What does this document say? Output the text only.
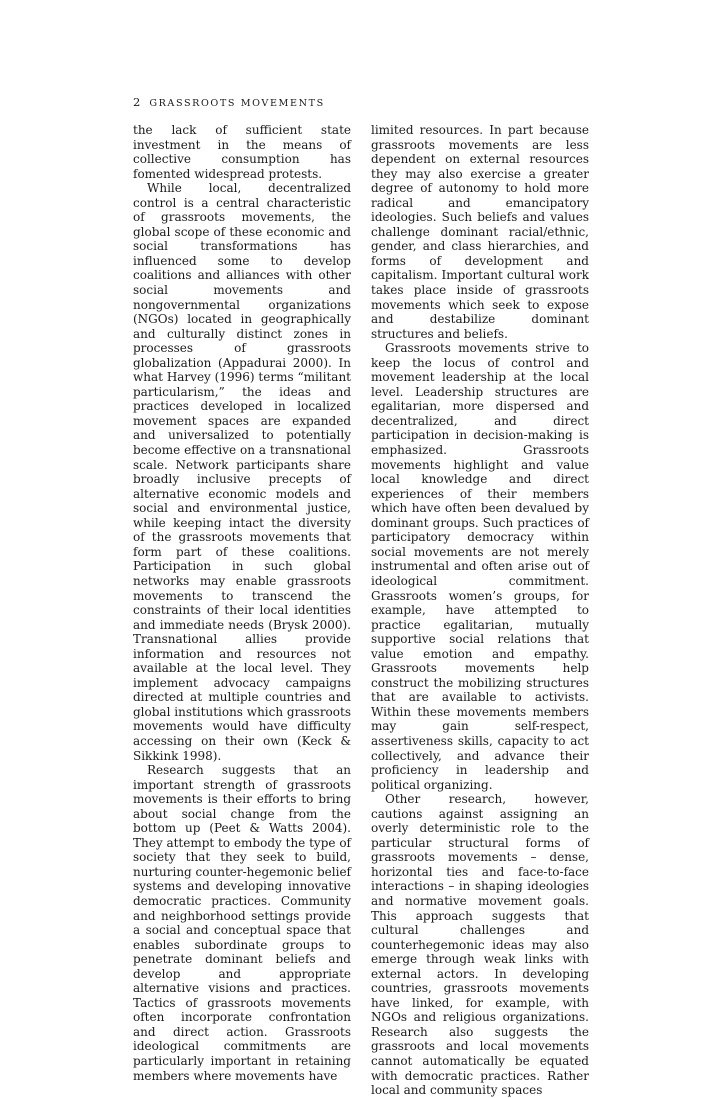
2 GRASSROOTS MOVEMENTS

the lack of sufficient state investment in the means of collective consumption has fomented widespread protests.

While local, decentralized control is a central characteristic of grassroots movements, the global scope of these economic and social transformations has influenced some to develop coalitions and alliances with other social movements and nongovernmental organizations (NGOs) located in geographically and culturally distinct zones in processes of grassroots globalization (Appadurai 2000). In what Harvey (1996) terms “militant particularism,” the ideas and practices developed in localized movement spaces are expanded and universalized to potentially become effective on a transnational scale. Network participants share broadly inclusive precepts of alternative economic models and social and environmental justice, while keeping intact the diversity of the grassroots movements that form part of these coalitions. Participation in such global networks may enable grassroots movements to transcend the constraints of their local identities and immediate needs (Brysk 2000). Transnational allies provide information and resources not available at the local level. They implement advocacy campaigns directed at multiple countries and global institutions which grassroots movements would have difficulty accessing on their own (Keck & Sikkink 1998).

Research suggests that an important strength of grassroots movements is their efforts to bring about social change from the bottom up (Peet & Watts 2004). They attempt to embody the type of society that they seek to build, nurturing counter-hegemonic belief systems and developing innovative democratic practices. Community and neighborhood settings provide a social and conceptual space that enables subordinate groups to penetrate dominant beliefs and develop and appropriate alternative visions and practices. Tactics of grassroots movements often incorporate confrontation and direct action. Grassroots ideological commitments are particularly important in retaining members where movements have

limited resources. In part because grassroots movements are less dependent on external resources they may also exercise a greater degree of autonomy to hold more radical and emancipatory ideologies. Such beliefs and values challenge dominant racial/ethnic, gender, and class hierarchies, and forms of development and capitalism. Important cultural work takes place inside of grassroots movements which seek to expose and destabilize dominant structures and beliefs.

Grassroots movements strive to keep the locus of control and movement leadership at the local level. Leadership structures are egalitarian, more dispersed and decentralized, and direct participation in decision-making is emphasized. Grassroots movements highlight and value local knowledge and direct experiences of their members which have often been devalued by dominant groups. Such practices of participatory democracy within social movements are not merely instrumental and often arise out of ideological commitment. Grassroots women’s groups, for example, have attempted to practice egalitarian, mutually supportive social relations that value emotion and empathy. Grassroots movements help construct the mobilizing structures that are available to activists. Within these movements members may gain self-respect, assertiveness skills, capacity to act collectively, and advance their proficiency in leadership and political organizing.

Other research, however, cautions against assigning an overly deterministic role to the particular structural forms of grassroots movements – dense, horizontal ties and face-to-face interactions – in shaping ideologies and normative movement goals. This approach suggests that cultural challenges and counterhegemonic ideas may also emerge through weak links with external actors. In developing countries, grassroots movements have linked, for example, with NGOs and religious organizations. Research also suggests the grassroots and local movements cannot automatically be equated with democratic practices. Rather local and community spaces
